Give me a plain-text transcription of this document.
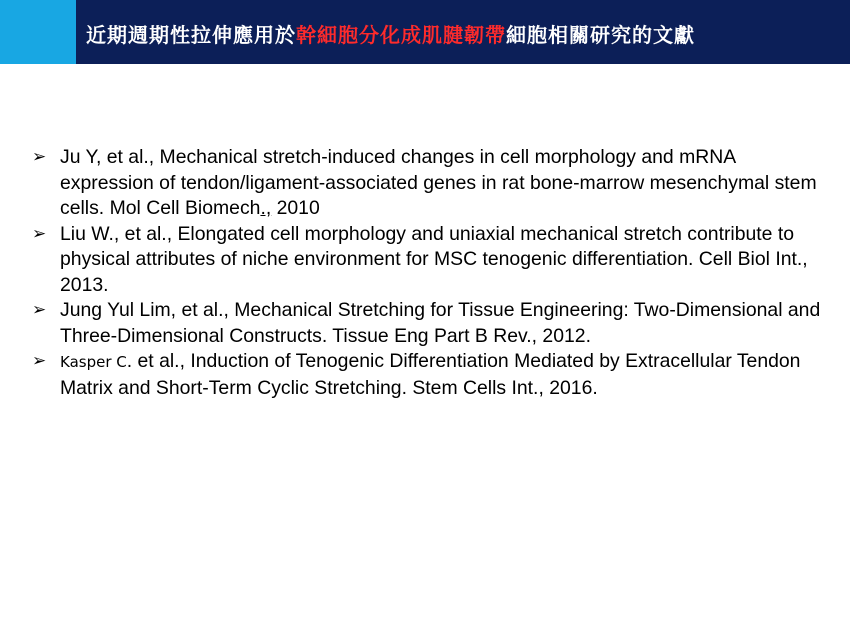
近期週期性拉伸應用於幹細胞分化成肌腱韌帶細胞相關研究的文獻
➢ Ju Y, et al., Mechanical stretch-induced changes in cell morphology and mRNA expression of tendon/ligament-associated genes in rat bone-marrow mesenchymal stem cells. Mol Cell Biomech., 2010
➢ Liu W., et al., Elongated cell morphology and uniaxial mechanical stretch contribute to physical attributes of niche environment for MSC tenogenic differentiation. Cell Biol Int., 2013.
➢ Jung Yul Lim, et al., Mechanical Stretching for Tissue Engineering: Two-Dimensional and Three-Dimensional Constructs. Tissue Eng Part B Rev., 2012.
➢ Kasper C. et al., Induction of Tenogenic Differentiation Mediated by Extracellular Tendon Matrix and Short-Term Cyclic Stretching. Stem Cells Int., 2016.
